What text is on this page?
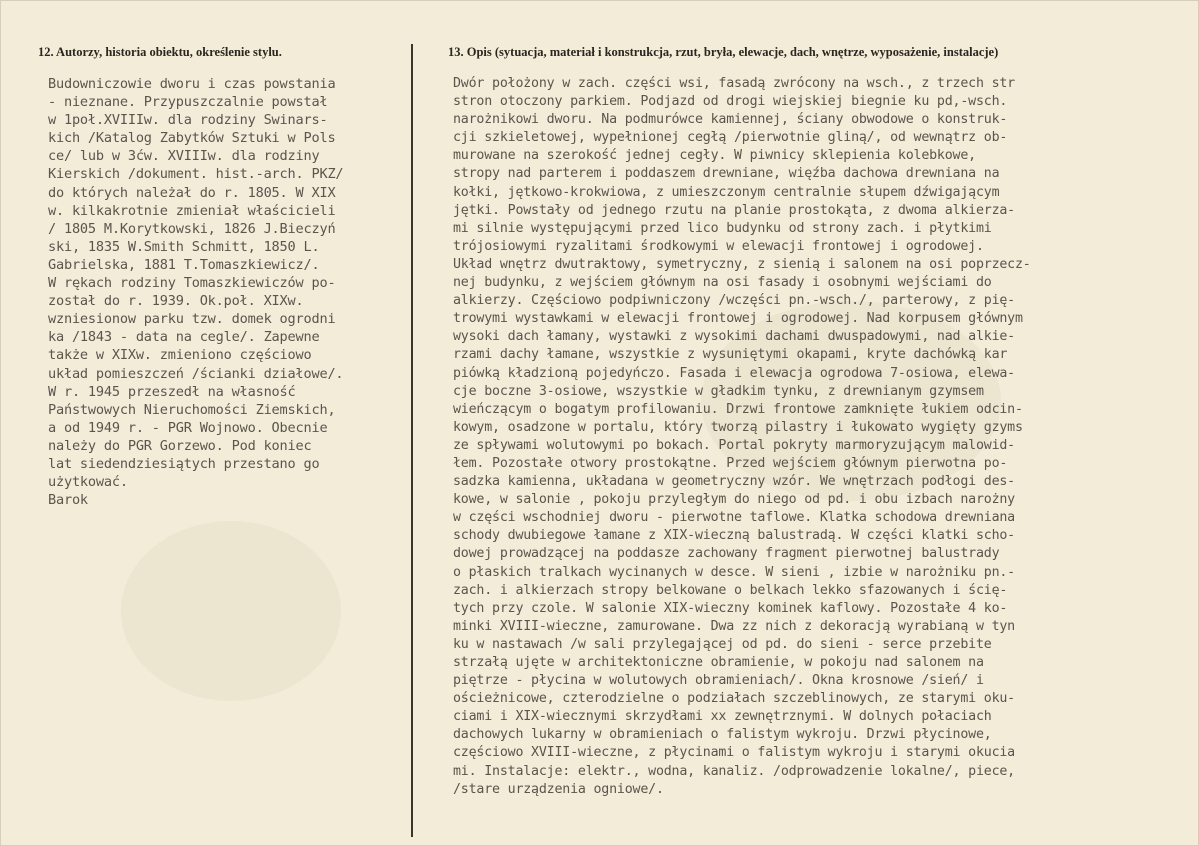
12. Autorzy, historia obiektu, określenie stylu.	13. Opis (sytuacja, materiał i konstrukcja, rzut, bryła, elewacje, dach, wnętrze, wyposażenie, instalacje)
Budowniczowie dworu i czas powstania
- nieznane. Przypuszczalnie powstał
w 1poł.XVIIIw. dla rodziny Swinars-
kich /Katalog Zabytków Sztuki w Pols
ce/ lub w 3ćw. XVIIIw. dla rodziny
Kierskich /dokument. hist.-arch. PKZ/
do których należał do r. 1805. W XIX
w. kilkakrotnie zmieniał właścicieli
/ 1805 M.Korytkowski, 1826 J.Bieczyń
ski, 1835 W.Smith Schmitt, 1850 L.
Gabrielska, 1881 T.Tomaszkiewicz/.
W rękach rodziny Tomaszkiewiczów po-
został do r. 1939. Ok.poł. XIXw.
wzniesionow parku tzw. domek ogrodni
ka /1843 - data na cegle/. Zapewne
także w XIXw. zmieniono częściowo
układ pomieszczeń /ścianki działowe/.
W r. 1945 przeszedł na własność
Państwowych Nieruchomości Ziemskich,
a od 1949 r. - PGR Wojnowo. Obecnie
należy do PGR Gorzewo. Pod koniec
lat siedendziesiątych przestano go
użytkować.
Barok
Dwór położony w zach. części wsi, fasadą zwrócony na wsch., z trzech str
stron otoczony parkiem. Podjazd od drogi wiejskiej biegnie ku pd,-wsch.
narożnikowi dworu. Na podmurówce kamiennej, ściany obwodowe o konstruk-
cji szkieletowej, wypełnionej cegłą /pierwotnie gliną/, od wewnątrz ob-
murowane na szerokość jednej cegły. W piwnicy sklepienia kolebkowe,
stropy nad parterem i poddaszem drewniane, więźba dachowa drewniana na
kołki, jętkowo-krokwiowa, z umieszczonym centralnie słupem dźwigającym
jętki. Powstały od jednego rzutu na planie prostokąta, z dwoma alkierza-
mi silnie występującymi przed lico budynku od strony zach. i płytkimi
trójosiowymi ryzalitami środkowymi w elewacji frontowej i ogrodowej.
Układ wnętrz dwutraktowy, symetryczny, z sienią i salonem na osi poprzecz-
nej budynku, z wejściem głównym na osi fasady i osobnymi wejściami do
alkierzy. Częściowo podpiwniczony /wczęści pn.-wsch./, parterowy, z pię-
trowymi wystawkami w elewacji frontowej i ogrodowej. Nad korpusem głównym
wysoki dach łamany, wystawki z wysokimi dachami dwuspadowymi, nad alkie-
rzami dachy łamane, wszystkie z wysuniętymi okapami, kryte dachówką kar
piówką kładzioną pojedyńczo. Fasada i elewacja ogrodowa 7-osiowa, elewa-
cje boczne 3-osiowe, wszystkie w gładkim tynku, z drewnianym gzymsem
wieńczącym o bogatym profilowaniu. Drzwi frontowe zamknięte łukiem odcin-
kowym, osadzone w portalu, który tworzą pilastry i łukowato wygięty gzyms
ze spływami wolutowymi po bokach. Portal pokryty marmoryzującym malowid-
łem. Pozostałe otwory prostokątne. Przed wejściem głównym pierwotna po-
sadzka kamienna, układana w geometryczny wzór. We wnętrzach podłogi des-
kowe, w salonie , pokoju przyległym do niego od pd. i obu izbach narożny
w części wschodniej dworu - pierwotne taflowe. Klatka schodowa drewniana
schody dwubiegowe łamane z XIX-wieczną balustradą. W części klatki scho-
dowej prowadzącej na poddasze zachowany fragment pierwotnej balustrady
o płaskich tralkach wycinanych w desce. W sieni , izbie w narożniku pn.-
zach. i alkierzach stropy belkowane o belkach lekko sfazowanych i ścię-
tych przy czole. W salonie XIX-wieczny kominek kaflowy. Pozostałe 4 ko-
minki XVIII-wieczne, zamurowane. Dwa zz nich z dekoracją wyrabianą w tyn
ku w nastawach /w sali przylegającej od pd. do sieni - serce przebite
strzałą ujęte w architektoniczne obramienie, w pokoju nad salonem na
piętrze - płycina w wolutowych obramieniach/. Okna krosnowe /sień/ i
ościeżnicowe, czterodzielne o podziałach szczeblinowych, ze starymi oku-
ciami i XIX-wiecznymi skrzydłami xx zewnętrznymi. W dolnych połaciach
dachowych lukarny w obramieniach o falistym wykroju. Drzwi płycinowe,
częściowo XVIII-wieczne, z płycinami o falistym wykroju i starymi okucia
mi. Instalacje: elektr., wodna, kanaliz. /odprowadzenie lokalne/, piece,
/stare urządzenia ogniowe/.
